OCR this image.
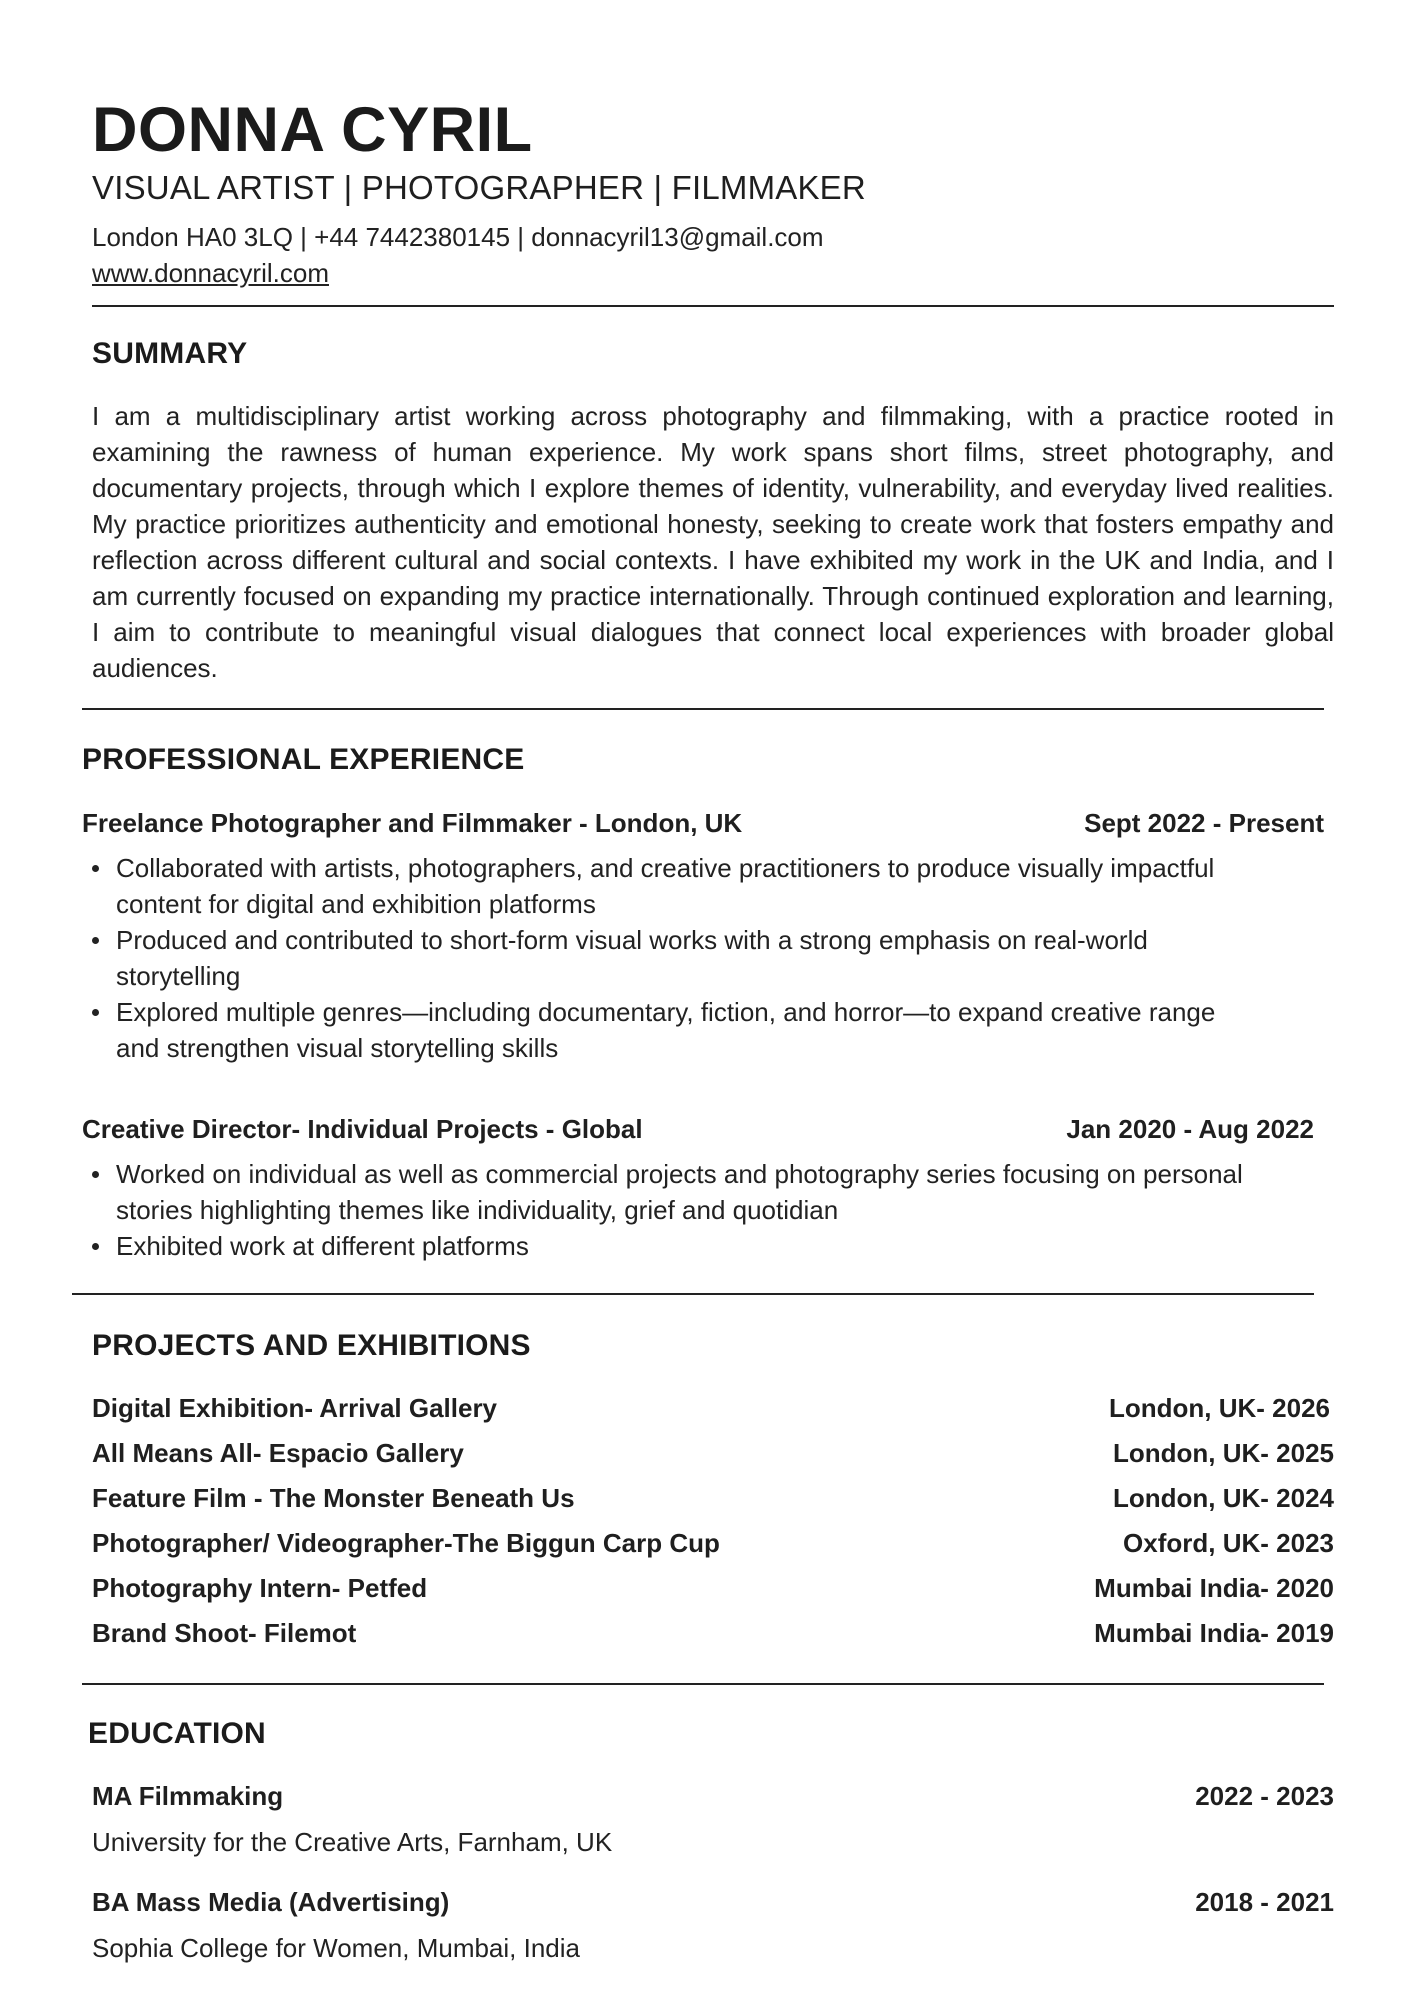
DONNA CYRIL
VISUAL ARTIST | PHOTOGRAPHER | FILMMAKER
London HA0 3LQ | +44 7442380145 | donnacyril13@gmail.com
www.donnacyril.com
SUMMARY
I am a multidisciplinary artist working across photography and filmmaking, with a practice rooted in examining the rawness of human experience. My work spans short films, street photography, and documentary projects, through which I explore themes of identity, vulnerability, and everyday lived realities. My practice prioritizes authenticity and emotional honesty, seeking to create work that fosters empathy and reflection across different cultural and social contexts. I have exhibited my work in the UK and India, and I am currently focused on expanding my practice internationally. Through continued exploration and learning, I aim to contribute to meaningful visual dialogues that connect local experiences with broader global audiences.
PROFESSIONAL EXPERIENCE
Freelance Photographer and Filmmaker - London, UK	Sept 2022 - Present
Collaborated with artists, photographers, and creative practitioners to produce visually impactful content for digital and exhibition platforms
Produced and contributed to short-form visual works with a strong emphasis on real-world storytelling
Explored multiple genres—including documentary, fiction, and horror—to expand creative range and strengthen visual storytelling skills
Creative Director- Individual Projects - Global	Jan 2020 - Aug 2022
Worked on individual as well as commercial projects and photography series focusing on personal stories highlighting themes like individuality, grief and quotidian
Exhibited work at different platforms
PROJECTS AND EXHIBITIONS
Digital Exhibition- Arrival Gallery	London, UK- 2026
All Means All- Espacio Gallery	London, UK- 2025
Feature Film - The Monster Beneath Us	London, UK- 2024
Photographer/ Videographer-The Biggun Carp Cup	Oxford, UK- 2023
Photography Intern- Petfed	Mumbai India- 2020
Brand Shoot- Filemot	Mumbai India- 2019
EDUCATION
MA Filmmaking	2022 - 2023
University for the Creative Arts, Farnham, UK
BA Mass Media (Advertising)	2018 - 2021
Sophia College for Women, Mumbai, India
